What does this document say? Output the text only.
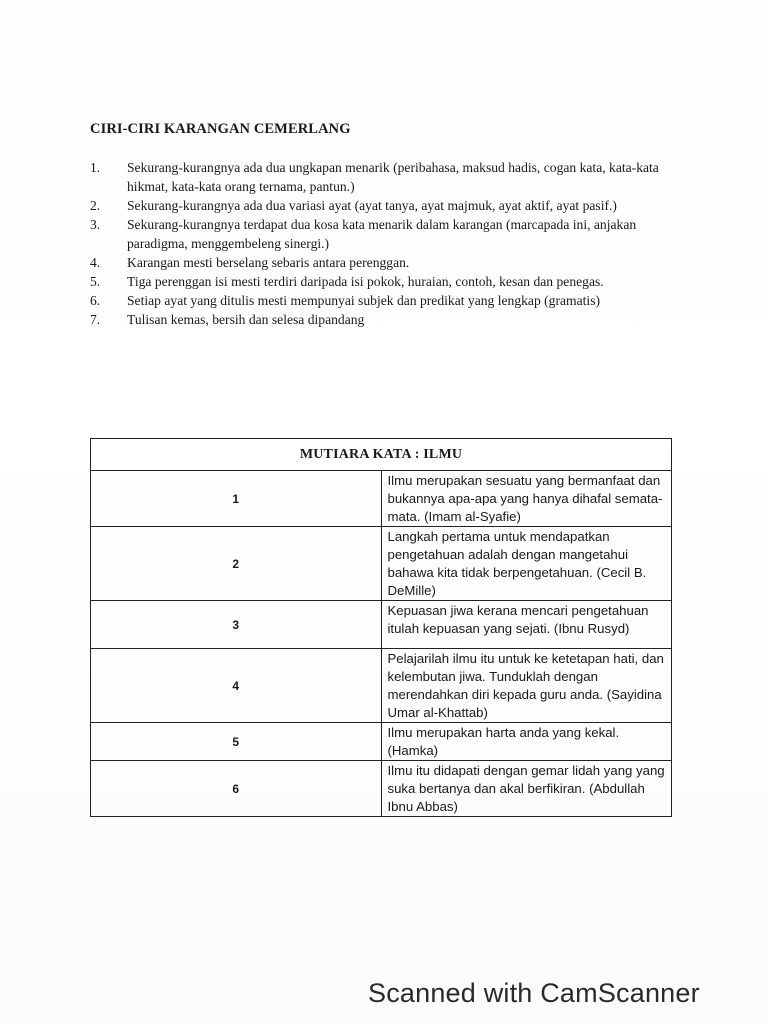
CIRI-CIRI KARANGAN CEMERLANG
1.	Sekurang-kurangnya ada dua ungkapan menarik (peribahasa, maksud hadis, cogan kata, kata-kata hikmat, kata-kata orang ternama, pantun.)
2.	Sekurang-kurangnya ada dua variasi ayat (ayat tanya, ayat majmuk, ayat aktif, ayat pasif.)
3.	Sekurang-kurangnya terdapat dua kosa kata menarik dalam karangan (marcapada ini, anjakan paradigma, menggembeleng sinergi.)
4.	Karangan mesti berselang sebaris antara perenggan.
5.	Tiga perenggan isi mesti terdiri daripada isi pokok, huraian, contoh, kesan dan penegas.
6.	Setiap ayat yang ditulis mesti mempunyai subjek dan predikat yang lengkap (gramatis)
7.	Tulisan kemas, bersih dan selesa dipandang
MUTIARA KATA : ILMU	
1	Ilmu merupakan sesuatu yang bermanfaat dan bukannya apa-apa yang hanya dihafal semata-mata. (Imam al-Syafie)
2	Langkah pertama untuk mendapatkan pengetahuan adalah dengan mangetahui bahawa kita tidak berpengetahuan. (Cecil B. DeMille)
3	Kepuasan jiwa kerana mencari pengetahuan itulah kepuasan yang sejati. (Ibnu Rusyd)
4	Pelajarilah ilmu itu untuk ke ketetapan hati, dan kelembutan jiwa. Tunduklah dengan merendahkan diri kepada guru anda. (Sayidina Umar al-Khattab)
5	Ilmu merupakan harta anda yang kekal. (Hamka)
6	Ilmu itu didapati dengan gemar lidah yang yang suka bertanya dan akal berfikiran. (Abdullah Ibnu Abbas)
Scanned with CamScanner
